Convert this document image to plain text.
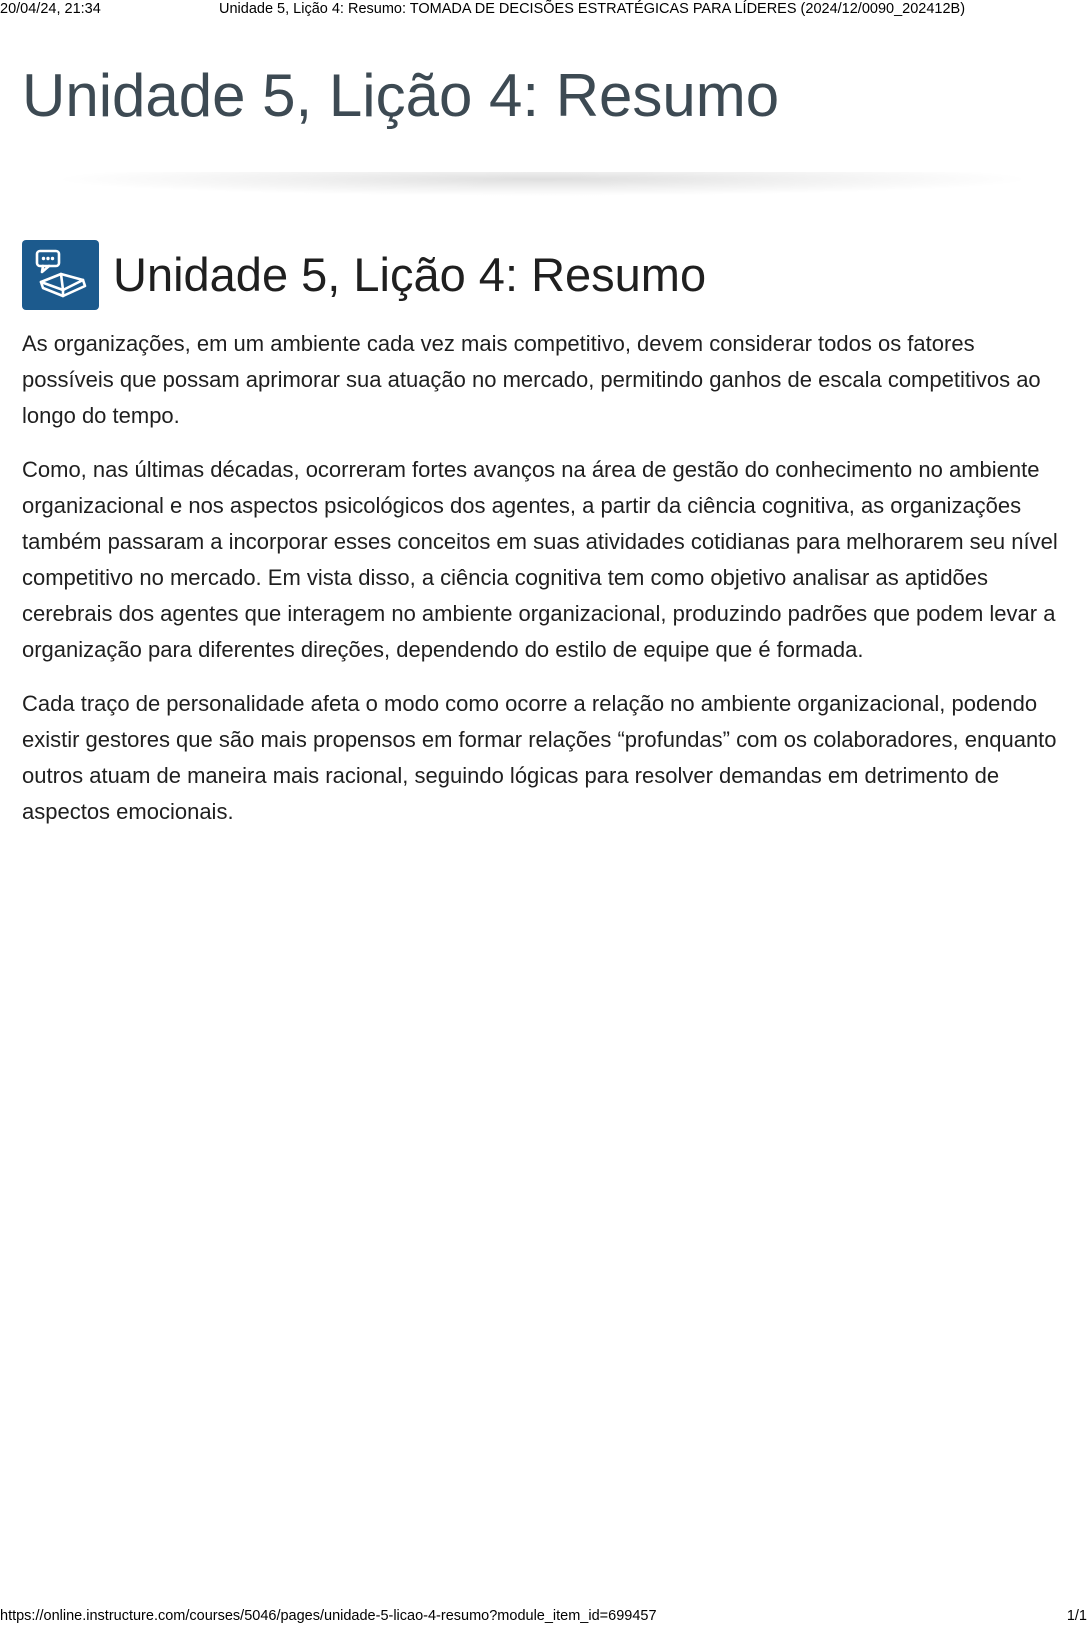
20/04/24, 21:34	Unidade 5, Lição 4: Resumo: TOMADA DE DECISÕES ESTRATÉGICAS PARA LÍDERES (2024/12/0090_202412B)
Unidade 5, Lição 4: Resumo
Unidade 5, Lição 4: Resumo

As organizações, em um ambiente cada vez mais competitivo, devem considerar todos os fatores possíveis que possam aprimorar sua atuação no mercado, permitindo ganhos de escala competitivos ao longo do tempo.

Como, nas últimas décadas, ocorreram fortes avanços na área de gestão do conhecimento no ambiente organizacional e nos aspectos psicológicos dos agentes, a partir da ciência cognitiva, as organizações também passaram a incorporar esses conceitos em suas atividades cotidianas para melhorarem seu nível competitivo no mercado. Em vista disso, a ciência cognitiva tem como objetivo analisar as aptidões cerebrais dos agentes que interagem no ambiente organizacional, produzindo padrões que podem levar a organização para diferentes direções, dependendo do estilo de equipe que é formada.

Cada traço de personalidade afeta o modo como ocorre a relação no ambiente organizacional, podendo existir gestores que são mais propensos em formar relações “profundas” com os colaboradores, enquanto outros atuam de maneira mais racional, seguindo lógicas para resolver demandas em detrimento de aspectos emocionais.

https://online.instructure.com/courses/5046/pages/unidade-5-licao-4-resumo?module_item_id=699457	1/1
